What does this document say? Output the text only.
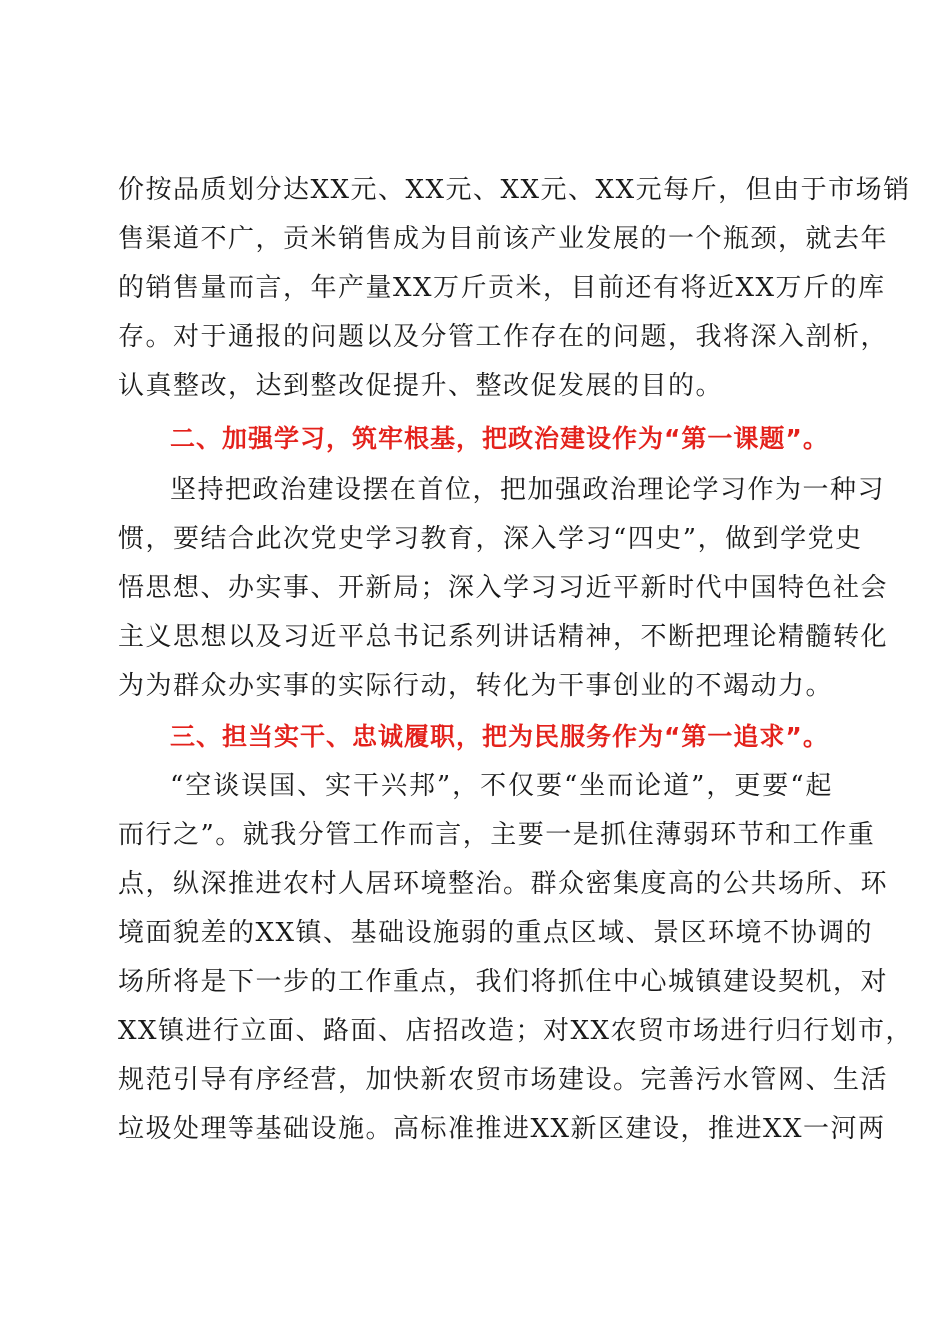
价按品质划分达XX元、XX元、XX元、XX元每斤，但由于市场销
售渠道不广，贡米销售成为目前该产业发展的一个瓶颈，就去年
的销售量而言，年产量XX万斤贡米，目前还有将近XX万斤的库
存。对于通报的问题以及分管工作存在的问题，我将深入剖析，
认真整改，达到整改促提升、整改促发展的目的。
二、加强学习，筑牢根基，把政治建设作为“第一课题”。
坚持把政治建设摆在首位，把加强政治理论学习作为一种习
惯，要结合此次党史学习教育，深入学习“四史”，做到学党史
悟思想、办实事、开新局；深入学习习近平新时代中国特色社会
主义思想以及习近平总书记系列讲话精神，不断把理论精髓转化
为为群众办实事的实际行动，转化为干事创业的不竭动力。
三、担当实干、忠诚履职，把为民服务作为“第一追求”。
“空谈误国、实干兴邦”，不仅要“坐而论道”，更要“起
而行之”。就我分管工作而言，主要一是抓住薄弱环节和工作重
点，纵深推进农村人居环境整治。群众密集度高的公共场所、环
境面貌差的XX镇、基础设施弱的重点区域、景区环境不协调的
场所将是下一步的工作重点，我们将抓住中心城镇建设契机，对
XX镇进行立面、路面、店招改造；对XX农贸市场进行归行划市，
规范引导有序经营，加快新农贸市场建设。完善污水管网、生活
垃圾处理等基础设施。高标准推进XX新区建设，推进XX一河两
